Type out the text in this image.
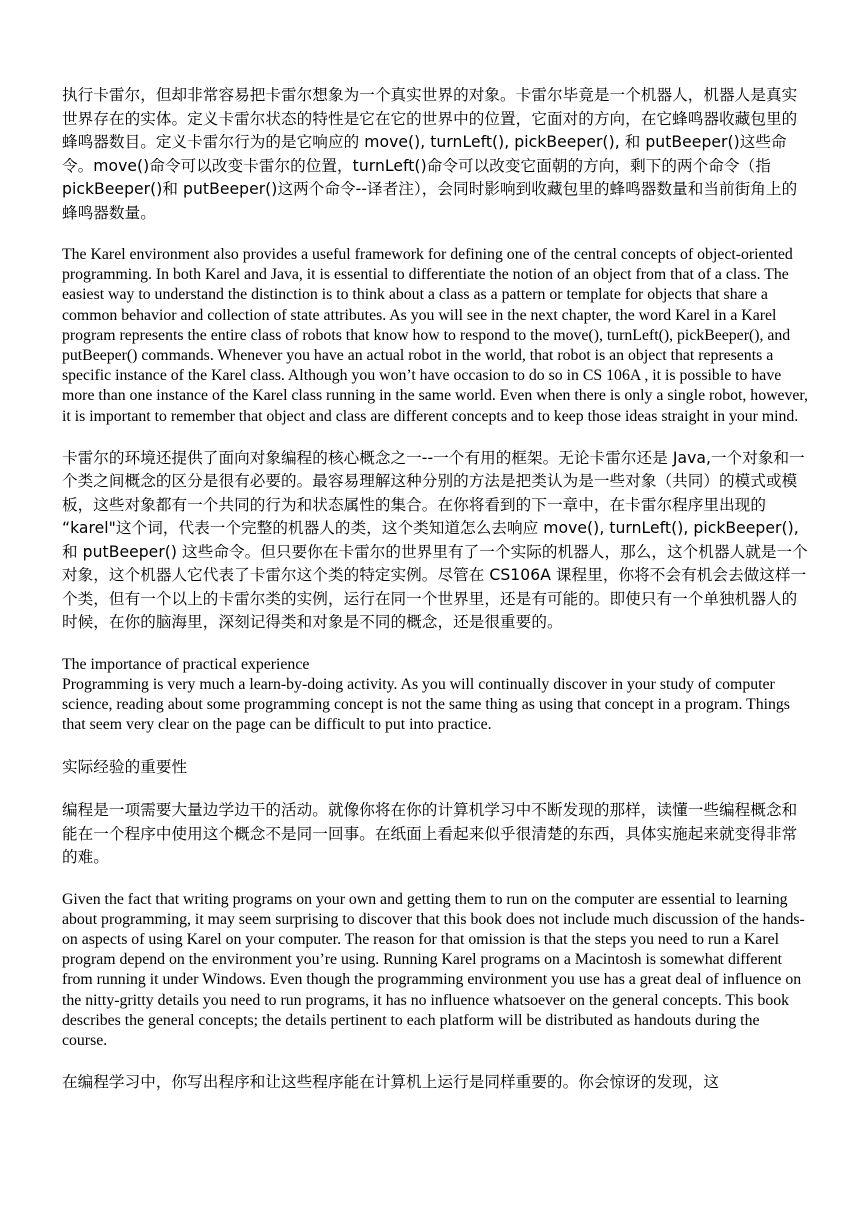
执行卡雷尔，但却非常容易把卡雷尔想象为一个真实世界的对象。卡雷尔毕竟是一个机器人，机器人是真实世界存在的实体。定义卡雷尔状态的特性是它在它的世界中的位置，它面对的方向，在它蜂鸣器收藏包里的蜂鸣器数目。定义卡雷尔行为的是它响应的 move(), turnLeft(), pickBeeper(), 和 putBeeper()这些命令。move()命令可以改变卡雷尔的位置，turnLeft()命令可以改变它面朝的方向，剩下的两个命令（指 pickBeeper()和 putBeeper()这两个命令--译者注），会同时影响到收藏包里的蜂鸣器数量和当前街角上的蜂鸣器数量。

The Karel environment also provides a useful framework for defining one of the central concepts of object-oriented programming. In both Karel and Java, it is essential to differentiate the notion of an object from that of a class. The easiest way to understand the distinction is to think about a class as a pattern or template for objects that share a common behavior and collection of state attributes. As you will see in the next chapter, the word Karel in a Karel program represents the entire class of robots that know how to respond to the move(), turnLeft(), pickBeeper(), and putBeeper() commands. Whenever you have an actual robot in the world, that robot is an object that represents a specific instance of the Karel class. Although you won’t have occasion to do so in CS 106A , it is possible to have more than one instance of the Karel class running in the same world. Even when there is only a single robot, however, it is important to remember that object and class are different concepts and to keep those ideas straight in your mind.

卡雷尔的环境还提供了面向对象编程的核心概念之一--一个有用的框架。无论卡雷尔还是 Java,一个对象和一个类之间概念的区分是很有必要的。最容易理解这种分别的方法是把类认为是一些对象（共同）的模式或模板，这些对象都有一个共同的行为和状态属性的集合。在你将看到的下一章中，在卡雷尔程序里出现的 “karel"这个词，代表一个完整的机器人的类，这个类知道怎么去响应 move(), turnLeft(), pickBeeper(), 和 putBeeper() 这些命令。但只要你在卡雷尔的世界里有了一个实际的机器人，那么，这个机器人就是一个对象，这个机器人它代表了卡雷尔这个类的特定实例。尽管在 CS106A 课程里，你将不会有机会去做这样一个类，但有一个以上的卡雷尔类的实例，运行在同一个世界里，还是有可能的。即使只有一个单独机器人的时候，在你的脑海里，深刻记得类和对象是不同的概念，还是很重要的。

The importance of practical experience

Programming is very much a learn-by-doing activity. As you will continually discover in your study of computer science, reading about some programming concept is not the same thing as using that concept in a program. Things that seem very clear on the page can be difficult to put into practice.

实际经验的重要性

编程是一项需要大量边学边干的活动。就像你将在你的计算机学习中不断发现的那样，读懂一些编程概念和能在一个程序中使用这个概念不是同一回事。在纸面上看起来似乎很清楚的东西，具体实施起来就变得非常的难。

Given the fact that writing programs on your own and getting them to run on the computer are essential to learning about programming, it may seem surprising to discover that this book does not include much discussion of the hands-on aspects of using Karel on your computer. The reason for that omission is that the steps you need to run a Karel program depend on the environment you’re using. Running Karel programs on a Macintosh is somewhat different from running it under Windows. Even though the programming environment you use has a great deal of influence on the nitty-gritty details you need to run programs, it has no influence whatsoever on the general concepts. This book describes the general concepts; the details pertinent to each platform will be distributed as handouts during the course.

在编程学习中，你写出程序和让这些程序能在计算机上运行是同样重要的。你会惊讶的发现，这
